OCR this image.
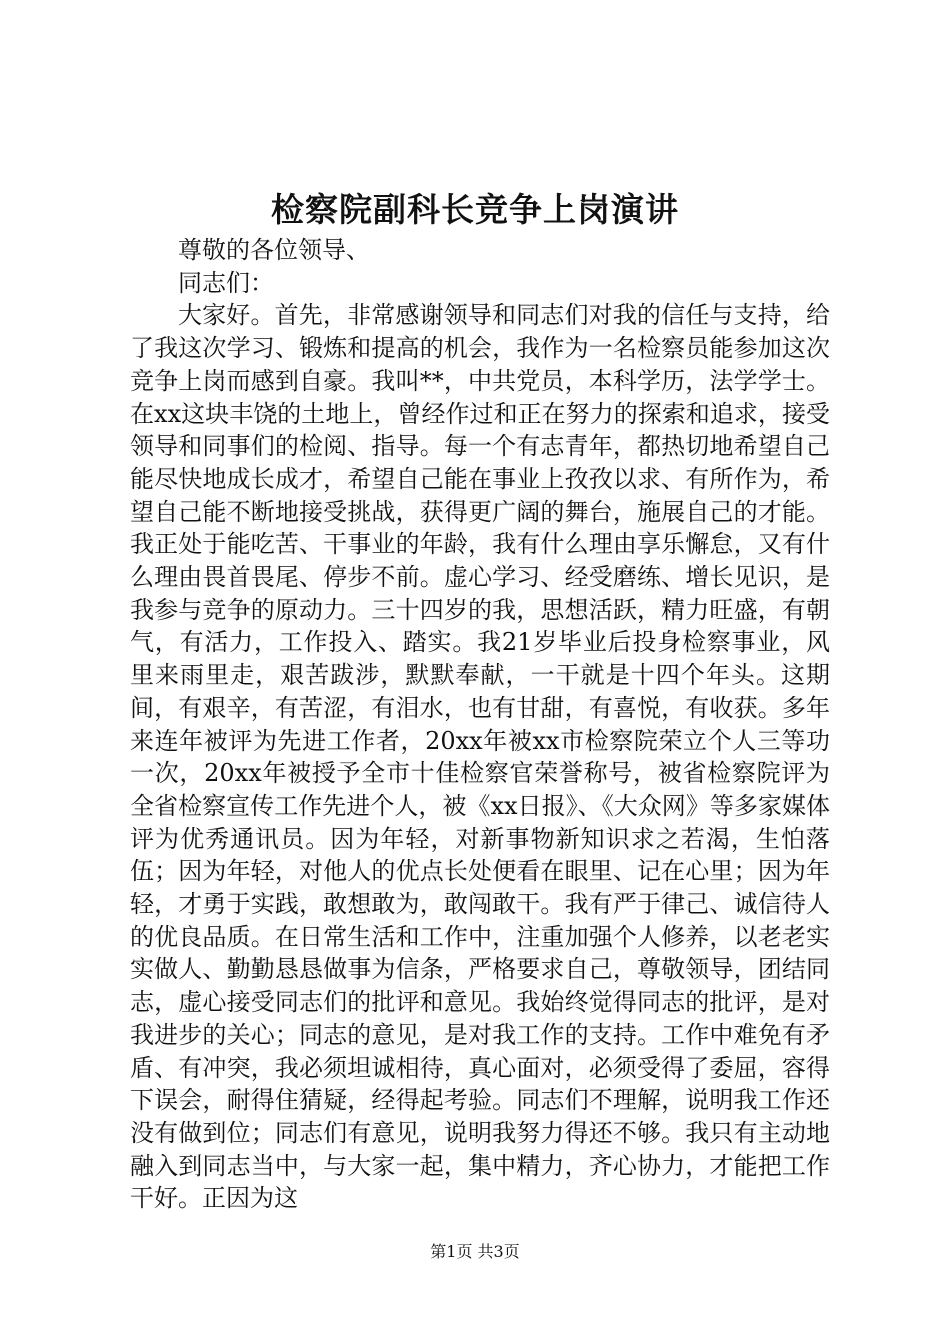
检察院副科长竞争上岗演讲

尊敬的各位领导、

同志们：

大家好。首先，非常感谢领导和同志们对我的信任与支持，给了我这次学习、锻炼和提高的机会，我作为一名检察员能参加这次竞争上岗而感到自豪。我叫**，中共党员，本科学历，法学学士。在xx这块丰饶的土地上，曾经作过和正在努力的探索和追求，接受领导和同事们的检阅、指导。每一个有志青年，都热切地希望自己能尽快地成长成才，希望自己能在事业上孜孜以求、有所作为，希望自己能不断地接受挑战，获得更广阔的舞台，施展自己的才能。我正处于能吃苦、干事业的年龄，我有什么理由享乐懈怠，又有什么理由畏首畏尾、停步不前。虚心学习、经受磨练、增长见识，是我参与竞争的原动力。三十四岁的我，思想活跃，精力旺盛，有朝气，有活力，工作投入、踏实。我21岁毕业后投身检察事业，风里来雨里走，艰苦跋涉，默默奉献，一干就是十四个年头。这期间，有艰辛，有苦涩，有泪水，也有甘甜，有喜悦，有收获。多年来连年被评为先进工作者，20xx年被xx市检察院荣立个人三等功一次，20xx年被授予全市十佳检察官荣誉称号，被省检察院评为全省检察宣传工作先进个人，被《xx日报》、《大众网》等多家媒体评为优秀通讯员。因为年轻，对新事物新知识求之若渴，生怕落伍；因为年轻，对他人的优点长处便看在眼里、记在心里；因为年轻，才勇于实践，敢想敢为，敢闯敢干。我有严于律己、诚信待人的优良品质。在日常生活和工作中，注重加强个人修养，以老老实实做人、勤勤恳恳做事为信条，严格要求自己，尊敬领导，团结同志，虚心接受同志们的批评和意见。我始终觉得同志的批评，是对我进步的关心；同志的意见，是对我工作的支持。工作中难免有矛盾、有冲突，我必须坦诚相待，真心面对，必须受得了委屈，容得下误会，耐得住猜疑，经得起考验。同志们不理解，说明我工作还没有做到位；同志们有意见，说明我努力得还不够。我只有主动地融入到同志当中，与大家一起，集中精力，齐心协力，才能把工作干好。正因为这

第1页 共3页
